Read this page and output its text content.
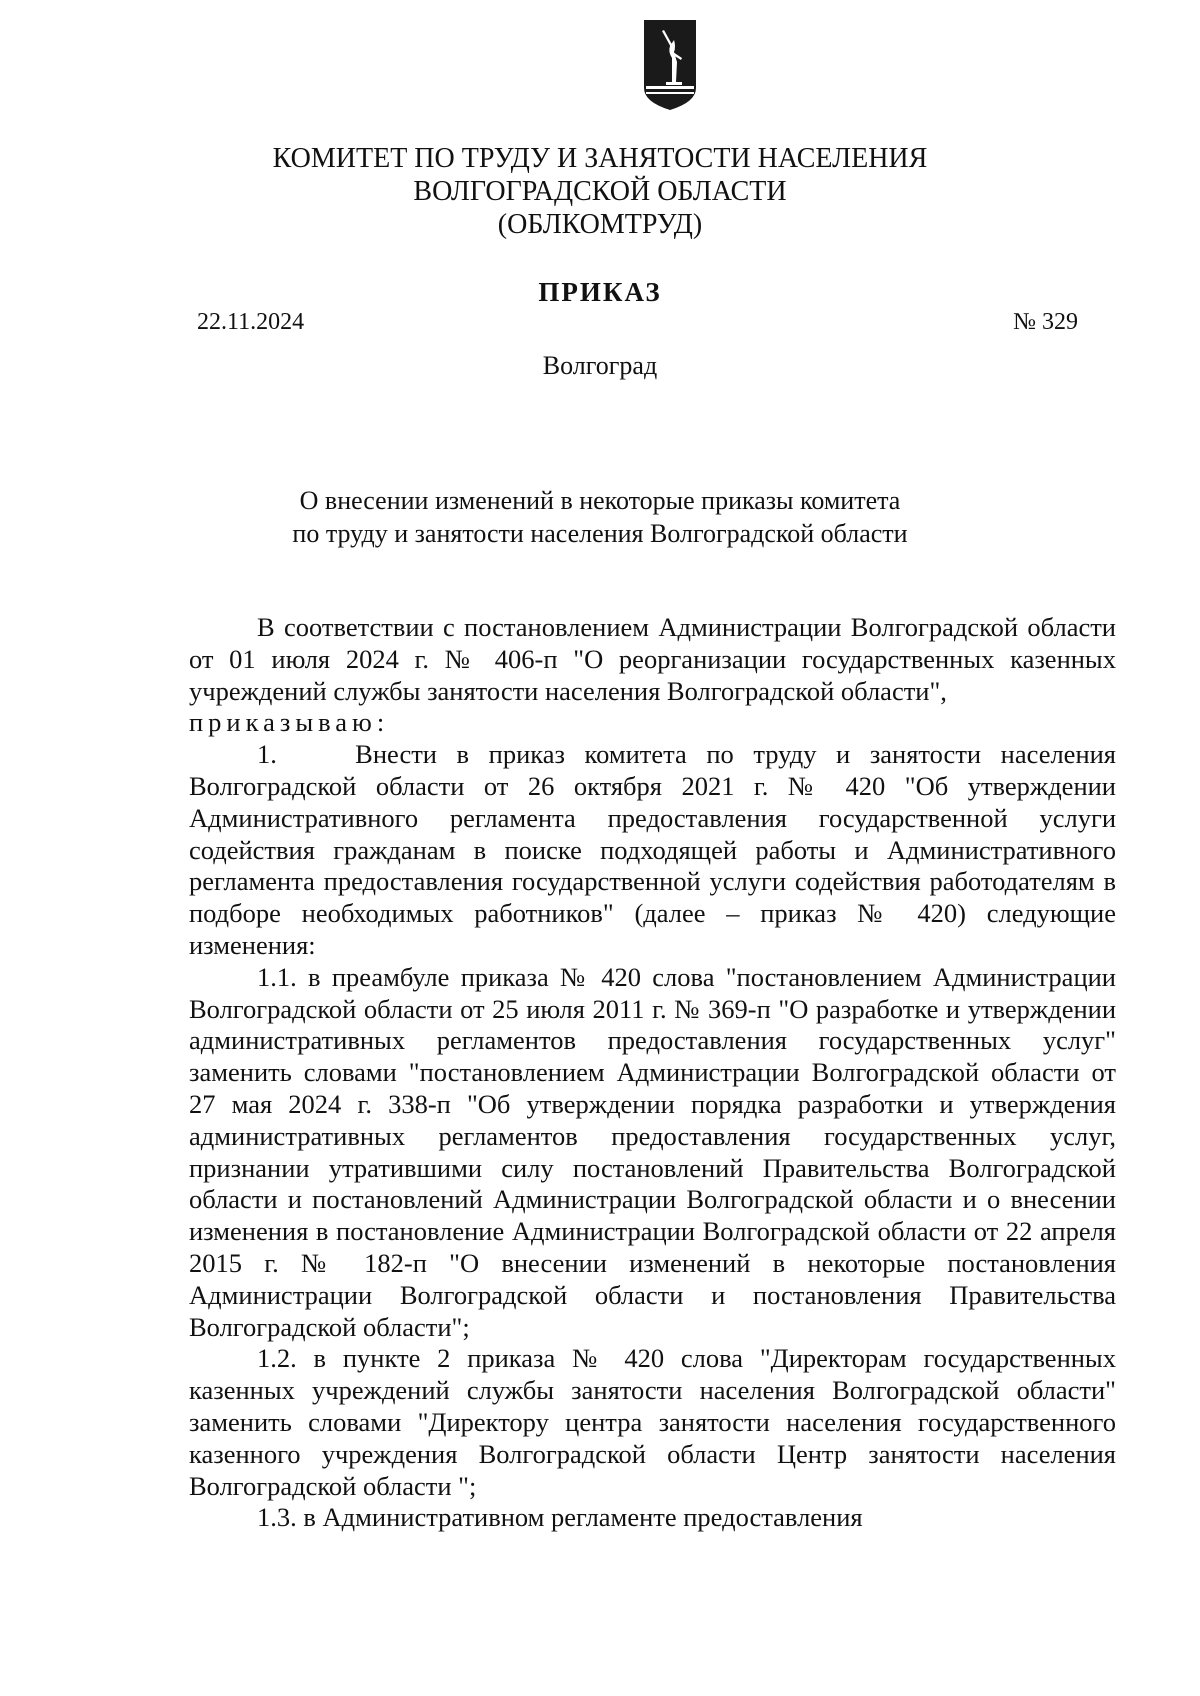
КОМИТЕТ ПО ТРУДУ И ЗАНЯТОСТИ НАСЕЛЕНИЯ
ВОЛГОГРАДСКОЙ ОБЛАСТИ
(ОБЛКОМТРУД)
ПРИКАЗ
22.11.2024	№ 329
Волгоград
О внесении изменений в некоторые приказы комитета
по труду и занятости населения Волгоградской области

В соответствии с постановлением Администрации Волгоградской области от 01 июля 2024 г. № 406-п "О реорганизации государственных казенных учреждений службы занятости населения Волгоградской области",

приказываю:

1.    Внести в приказ комитета по труду и занятости населения Волгоградской области от 26 октября 2021 г. № 420 "Об утверждении Административного регламента предоставления государственной услуги содействия гражданам в поиске подходящей работы и Административного регламента предоставления государственной услуги содействия работодателям в подборе необходимых работников" (далее – приказ № 420) следующие изменения:

1.1. в преамбуле приказа № 420 слова "постановлением Администрации Волгоградской области от 25 июля 2011 г. № 369-п "О разработке и утверждении административных регламентов предоставления государственных услуг" заменить словами "постановлением Администрации Волгоградской области от 27 мая 2024 г. 338-п "Об утверждении порядка разработки и утверждения административных регламентов предоставления государственных услуг, признании утратившими силу постановлений Правительства Волгоградской области и постановлений Администрации Волгоградской области и о внесении изменения в постановление Администрации Волгоградской области от 22 апреля 2015 г. № 182-п "О внесении изменений в некоторые постановления Администрации Волгоградской области и постановления Правительства Волгоградской области";

1.2. в пункте 2 приказа № 420 слова "Директорам государственных казенных учреждений службы занятости населения Волгоградской области" заменить словами "Директору центра занятости населения государственного казенного учреждения Волгоградской области Центр занятости населения Волгоградской области ";

1.3. в Административном регламенте предоставления
